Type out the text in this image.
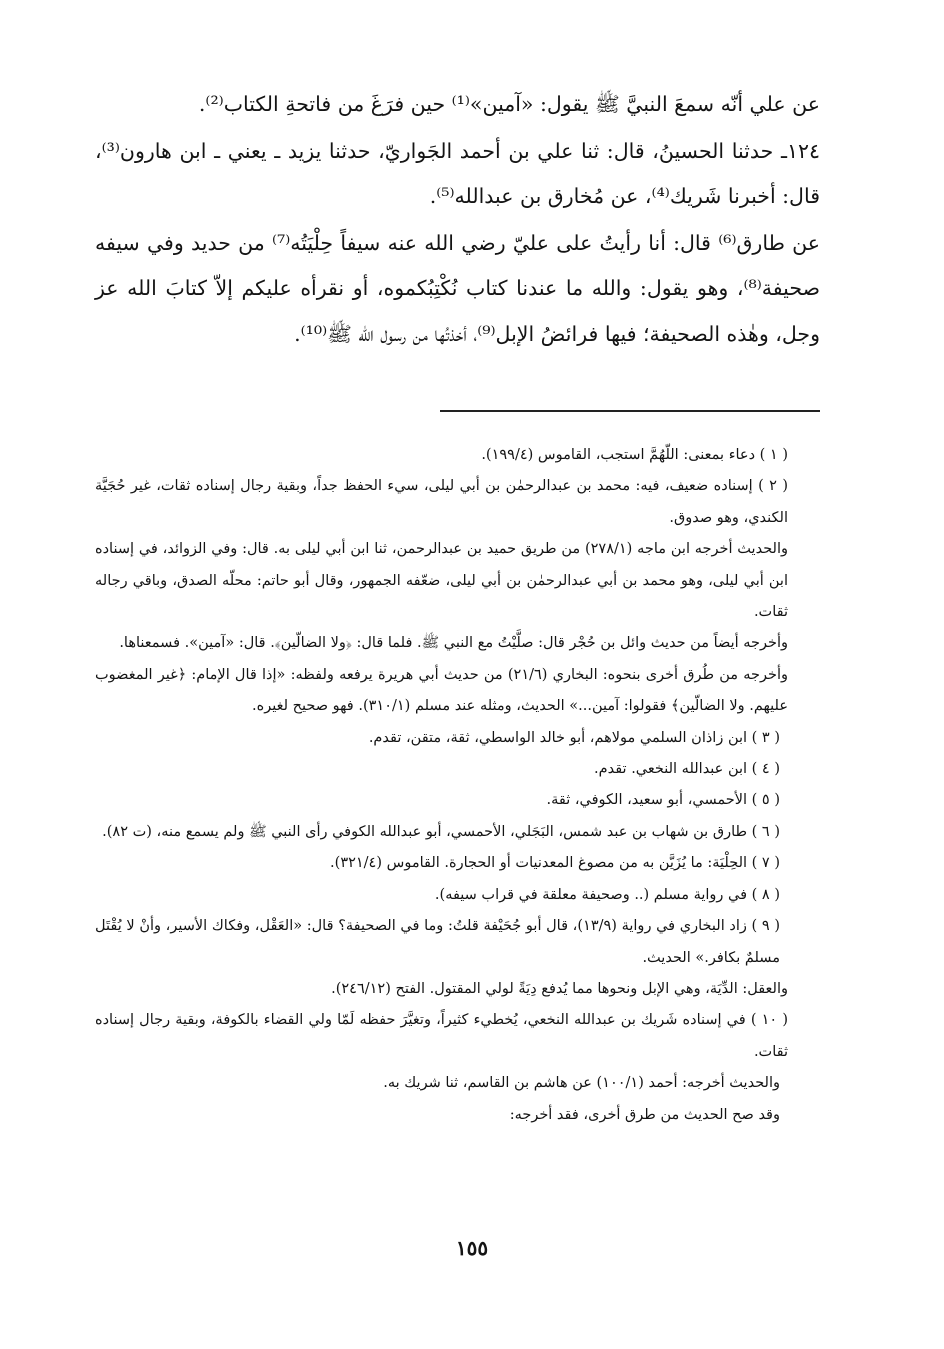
عن علي أنّه سمعَ النبيَّ ﷺ يقول: «آمين»⁽¹⁾ حين فرَغَ من فاتحةِ الكتاب⁽²⁾.

١٢٤ـ حدثنا الحسينُ، قال: ثنا علي بن أحمد الجَواريّ، حدثنا يزيد ـ يعني ـ ابن هارون⁽³⁾، قال: أخبرنا شَريك⁽⁴⁾، عن مُخارق بن عبدالله⁽⁵⁾.

عن طارق⁽⁶⁾ قال: أنا رأيتُ على عليّ رضي الله عنه سيفاً حِلْيَتُه⁽⁷⁾ من حديد وفي سيفه صحيفة⁽⁸⁾، وهو يقول: والله ما عندنا كتاب نُكْتِبُكموه، أو نقرأه عليكم إلاّ كتابَ الله عز وجل، وهٰذه الصحيفة؛ فيها فرائضُ الإبل⁽⁹⁾، أخذتُها من رسول الله ﷺ⁽¹⁰⁾.

( ١ ) دعاء بمعنى: اللّهُمَّ استجب، القاموس (١٩٩/٤).

( ٢ ) إسناده ضعيف، فيه: محمد بن عبدالرحمٰن بن أبي ليلى، سيء الحفظ جداً، وبقية رجال إسناده ثقات، غير حُجَيَّة الكندي، وهو صدوق.

والحديث أخرجه ابن ماجه (٢٧٨/١) من طريق حميد بن عبدالرحمن، ثنا ابن أبي ليلى به. قال: وفي الزوائد، في إسناده ابن أبي ليلى، وهو محمد بن أبي عبدالرحمٰن بن أبي ليلى، ضعّفه الجمهور، وقال أبو حاتم: محلّه الصدق، وباقي رجاله ثقات.

وأخرجه أيضاً من حديث وائل بن حُجْر قال: صلَّيْتُ مع النبي ﷺ. فلما قال: ﴿ولا الضالّين﴾. قال: «آمين». فسمعناها.

وأخرجه من طُرق أخرى بنحوه: البخاري (٢١/٦) من حديث أبي هريرة يرفعه ولفظه: «إذا قال الإمام: ﴿غير المغضوب عليهم. ولا الضالّين﴾ فقولوا: آمين...» الحديث، ومثله عند مسلم (٣١٠/١). فهو صحيح لغيره.

( ٣ ) ابن زاذان السلمي مولاهم، أبو خالد الواسطي، ثقة، متقن، تقدم.

( ٤ ) ابن عبدالله النخعي. تقدم.

( ٥ ) الأحمسي، أبو سعيد، الكوفي، ثقة.

( ٦ ) طارق بن شهاب بن عبد شمس، البَجَلي، الأحمسي، أبو عبدالله الكوفي رأى النبي ﷺ ولم يسمع منه، (ت ٨٢).

( ٧ ) الحِلْيَة: ما يُزَيَّن به من مصوغ المعدنيات أو الحجارة. القاموس (٣٢١/٤).

( ٨ ) في رواية مسلم (.. وصحيفة معلقة في قراب سيفه).

( ٩ ) زاد البخاري في رواية (١٣/٩)، قال أبو جُحَيْفة قلتُ: وما في الصحيفة؟ قال: «العَقْل، وفكاك الأسير، وأنْ لا يُقْتَل مسلمٌ بكافر.» الحديث.

والعقل: الدِّيَة، وهي الإبل ونحوها مما يُدفع دِيَةً لولي المقتول. الفتح (٢٤٦/١٢).

( ١٠ ) في إسناده شَريك بن عبدالله النخعي، يُخطيء كثيراً، وتغيَّرَ حفظه لَمّا ولي القضاء بالكوفة، وبقية رجال إسناده ثقات.

والحديث أخرجه: أحمد (١٠٠/١) عن هاشم بن القاسم، ثنا شريك به.

وقد صح الحديث من طرق أخرى، فقد أخرجه:

١٥٥
